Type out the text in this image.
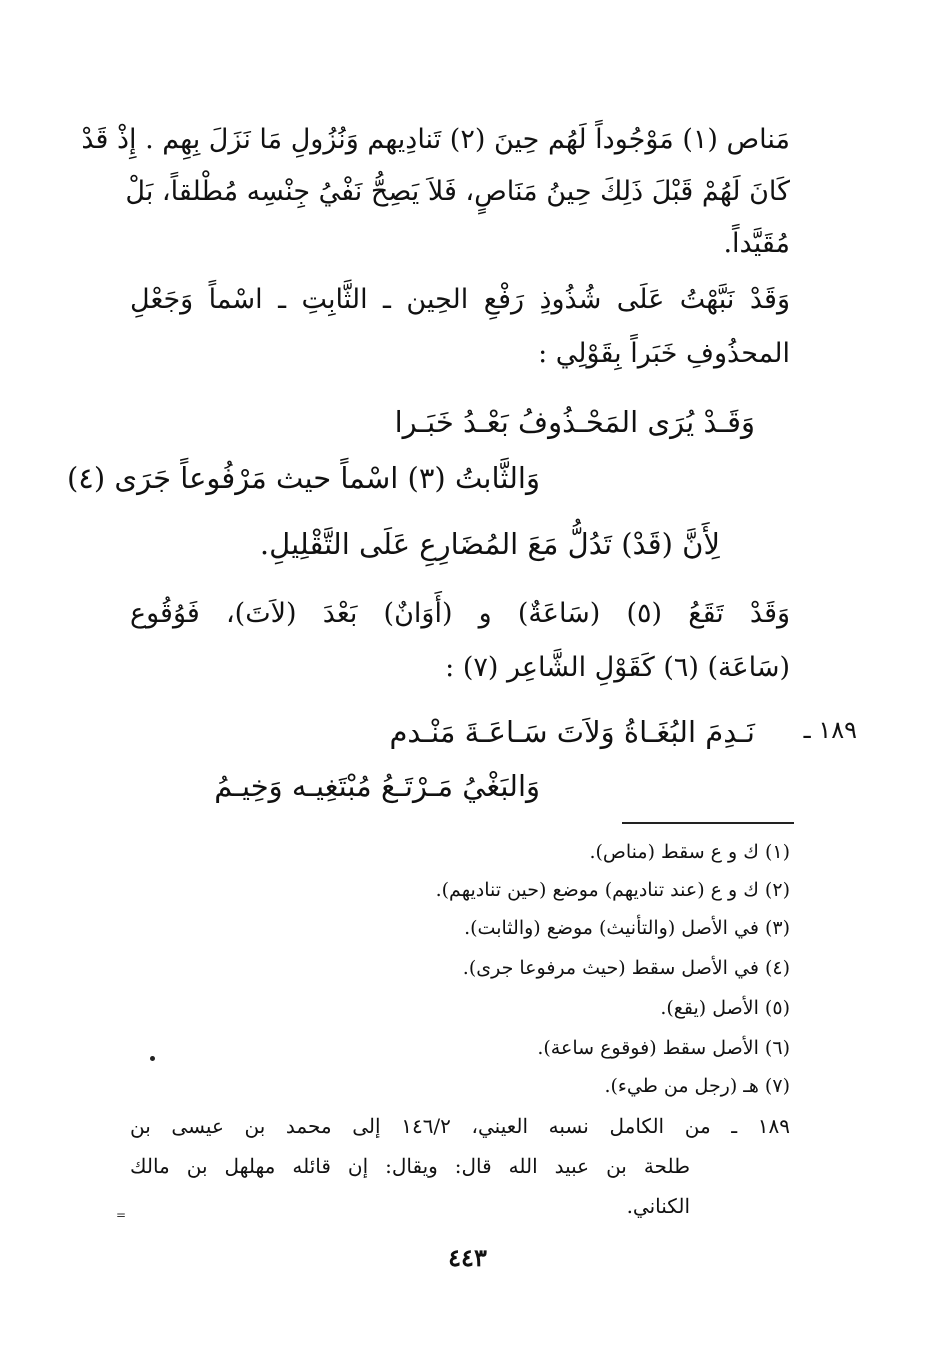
مَناص (١) مَوْجُوداً لَهُم حِينَ (٢) تَنادِيهم وَنُزُولِ مَا نَزَلَ بِهِم . إِذْ قَدْ
كَانَ لَهُمْ قَبْلَ ذَلِكَ حِينُ مَنَاصٍ، فَلاَ يَصِحُّ نَفْيُ جِنْسِه مُطْلقاً، بَلْ
مُقَيَّداً.
وَقَدْ نَبَّهْتُ عَلَى شُذُوذِ رَفْعِ الحِين ـ الثَّابِتِ ـ اسْماً وَجَعْلِ
المحذُوفِ خَبَراً بِقَوْلِي :
وَقَـدْ يُرَى المَحْـذُوفُ بَعْـدُ خَبَـرا
وَالثَّابتُ (٣) اسْماً حيث مَرْفُوعاً جَرَى (٤)
لِأَنَّ (قَدْ) تَدُلُّ مَعَ المُضَارِعِ عَلَى التَّقْلِيلِ.
وَقَدْ تَقَعُ (٥) (سَاعَةٌ) و (أَوَانٌ) بَعْدَ (لاَتَ)، فَوُقُوع
(سَاعَة) (٦) كَقَوْلِ الشَّاعِر (٧) :
١٨٩ ـ
نَـدِمَ البُغَـاةُ وَلاَتَ سَـاعَـةَ مَنْـدم
وَالبَغْيُ مَـرْتَـعُ مُبْتَغِيـه وَخِيـمُ
(١) ك و ع سقط (مناص).
(٢) ك و ع (عند تناديهم) موضع (حين تناديهم).
(٣) في الأصل (والتأنيث) موضع (والثابت).
(٤) في الأصل سقط (حيث مرفوعا جرى).
(٥) الأصل (يقع).
(٦) الأصل سقط (فوقوع ساعة).
(٧) هـ (رجل من طيء).
١٨٩ ـ من الكامل نسبه العيني، ١٤٦/٢ إلى محمد بن عيسى بن
طلحة بن عبيد الله قال: ويقال: إن قائله مهلهل بن مالك
الكناني.
٤٤٣
=
